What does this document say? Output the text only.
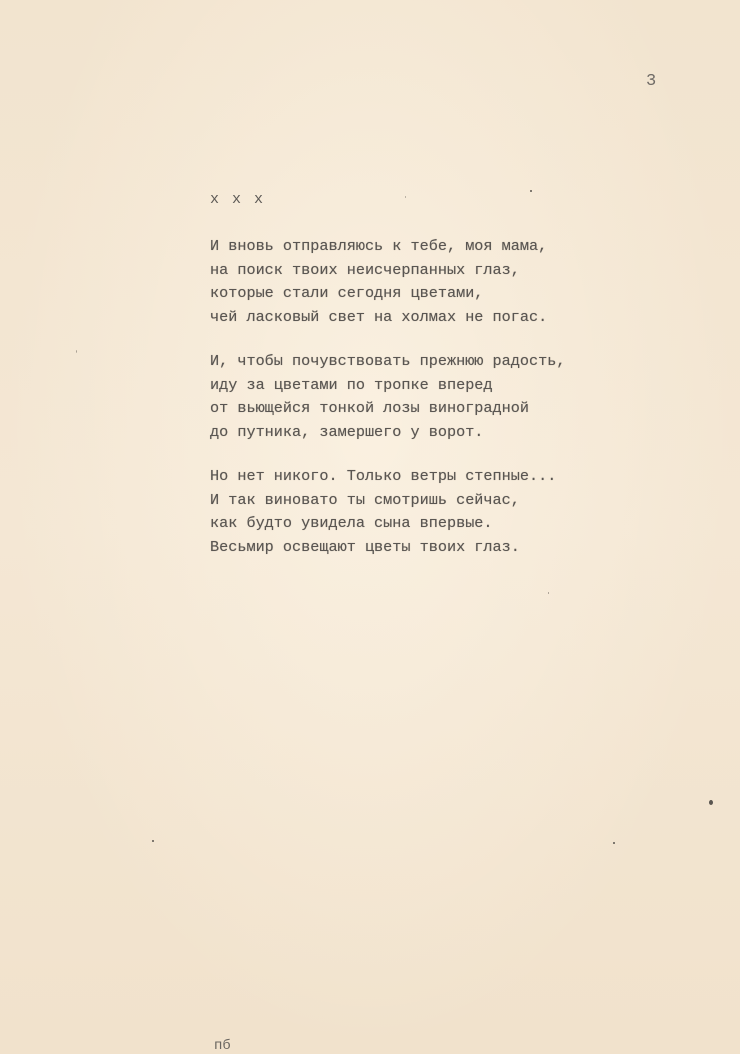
3
x x x
И вновь отправляюсь к тебе, моя мама,
на поиск твоих неисчерпанных глаз,
которые стали сегодня цветами,
чей ласковый свет на холмах не погас.
И, чтобы почувствовать прежнюю радость,
иду за цветами по тропке вперед
от вьющейся тонкой лозы виноградной
до путника, замершего у ворот.
Но нет никого. Только ветры степные...
И так виновато ты смотришь сейчас,
как будто увидела сына впервые.
Весьмир освещают цветы твоих глаз.
пб
